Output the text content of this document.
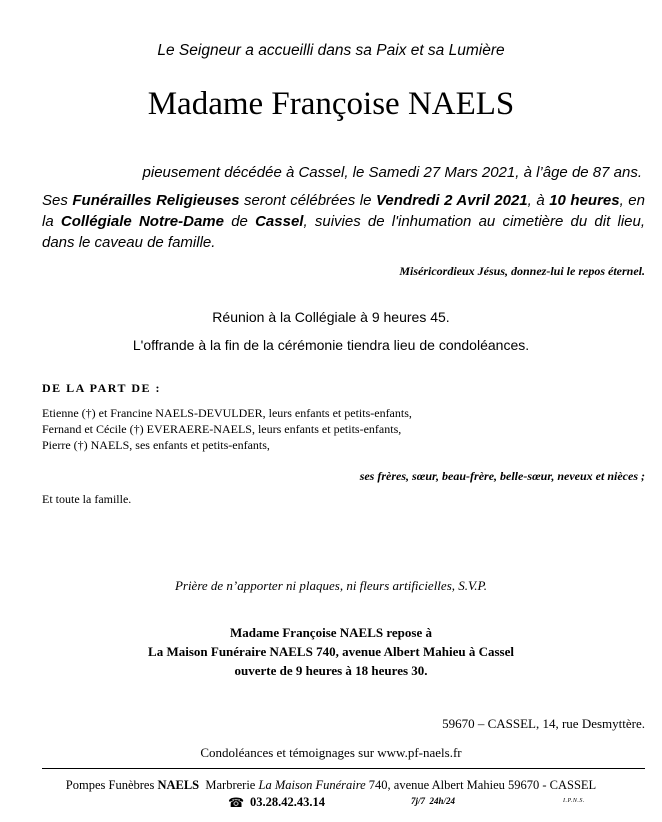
Le Seigneur a accueilli dans sa Paix et sa Lumière
Madame Françoise NAELS
pieusement décédée à Cassel, le Samedi 27 Mars 2021, à l’âge de 87 ans.
Ses Funérailles Religieuses seront célébrées le Vendredi 2 Avril 2021, à 10 heures, en la Collégiale Notre-Dame de Cassel, suivies de l'inhumation au cimetière du dit lieu, dans le caveau de famille.
Miséricordieux Jésus, donnez-lui le repos éternel.
Réunion à la Collégiale à 9 heures 45.
L'offrande à la fin de la cérémonie tiendra lieu de condoléances.
DE LA PART DE :
Etienne (†) et Francine NAELS-DEVULDER, leurs enfants et petits-enfants,
Fernand et Cécile (†) EVERAERE-NAELS, leurs enfants et petits-enfants,
Pierre (†) NAELS, ses enfants et petits-enfants,
ses frères, sœur, beau-frère, belle-sœur, neveux et nièces ;
Et toute la famille.
Prière de n’apporter ni plaques, ni fleurs artificielles, S.V.P.
Madame Françoise NAELS repose à
La Maison Funéraire NAELS 740, avenue Albert Mahieu à Cassel
ouverte de 9 heures à 18 heures 30.
59670 – CASSEL, 14, rue Desmyttère.
Condoléances et témoignages sur www.pf-naels.fr
Pompes Funèbres NAELS  Marbrerie La Maison Funéraire 740, avenue Albert Mahieu 59670 - CASSEL
☎ 03.28.42.43.14	7j/7  24h/24	I.P.N.S.
